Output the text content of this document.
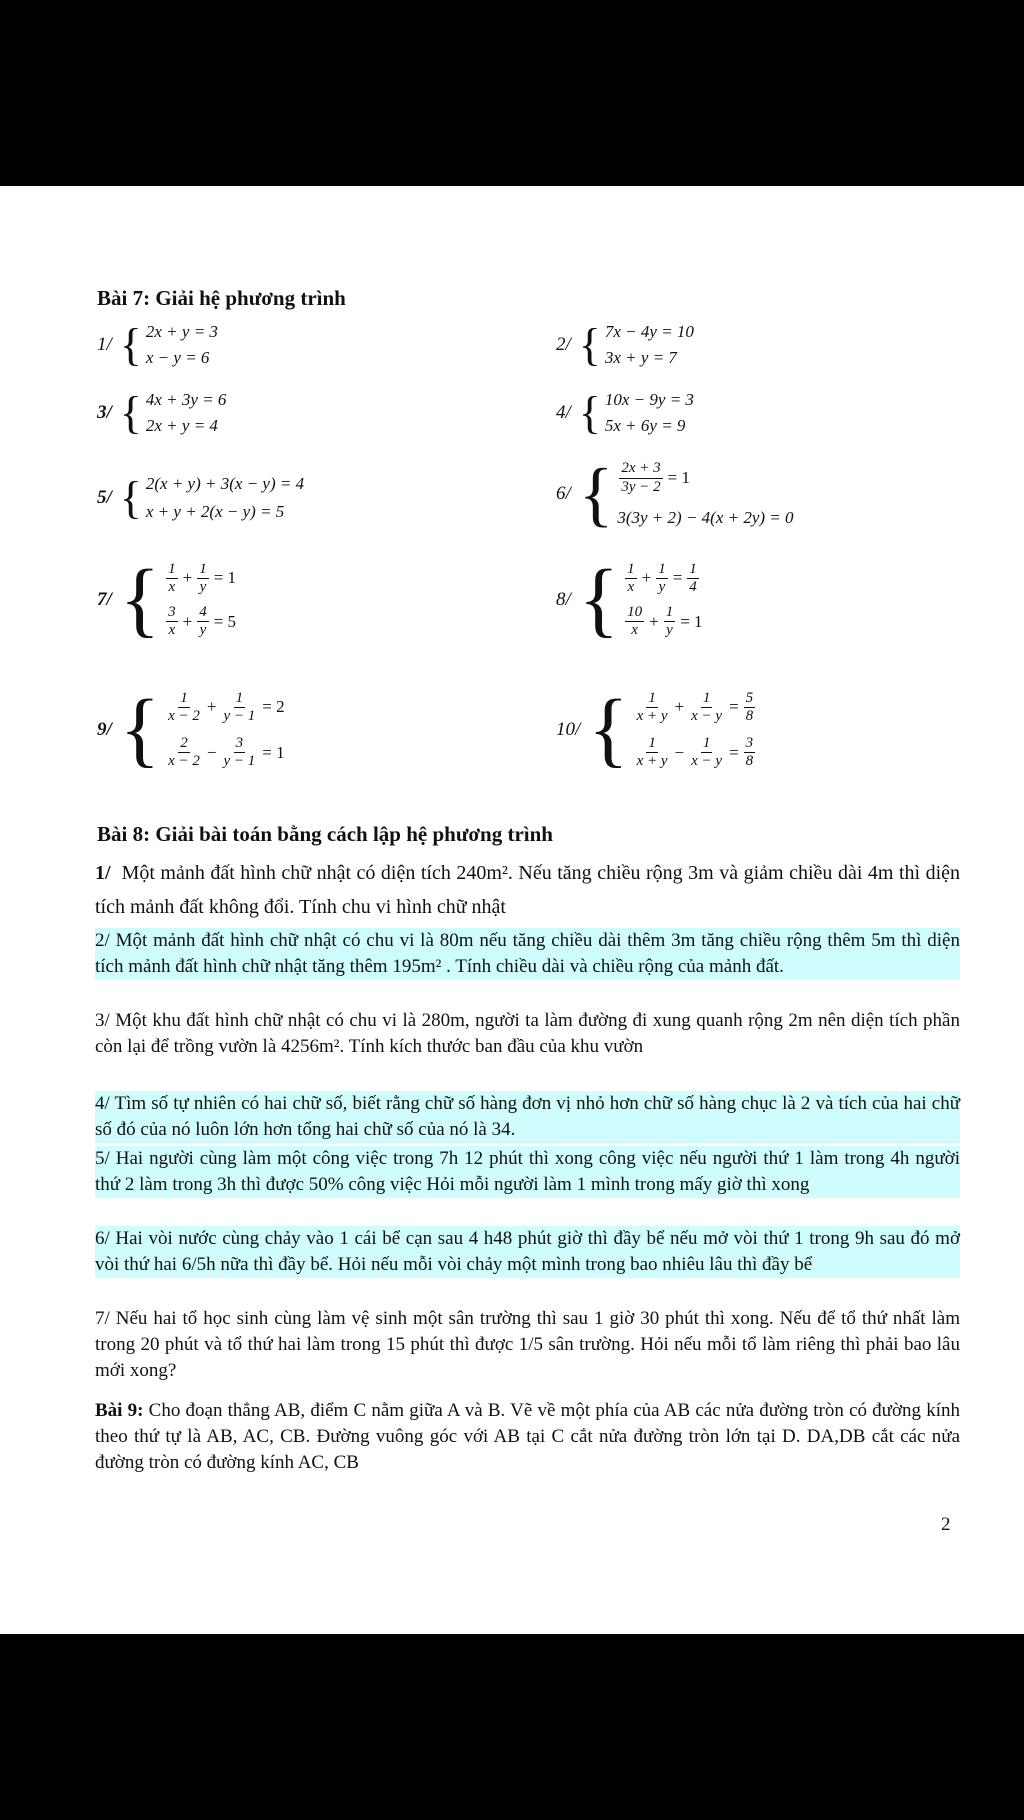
Bài 7: Giải hệ phương trình
1/ { 2x + y = 3
x − y = 6
2/ { 7x − 4y = 10
3x + y = 7
3/ { 4x + 3y = 6
2x + y = 4
4/ { 10x − 9y = 3
5x + 6y = 9
5/ { 2(x + y) + 3(x − y) = 4
x + y + 2(x − y) = 5
6/ { $\frac{2x + 3}{3y - 2} = 1$
3(3y + 2) − 4(x + 2y) = 0
7/ { $\frac{1}{x} + \frac{1}{y} = 1$
$\frac{3}{x} + \frac{4}{y} = 5$
8/ { $\frac{1}{x} + \frac{1}{y} = \frac{1}{4}$
$\frac{10}{x} + \frac{1}{y} = 1$
9/ { $\frac{1}{x - 2} + \frac{1}{y - 1} = 2$
$\frac{2}{x - 2} - \frac{3}{y - 1} = 1$
10/ { $\frac{1}{x + y} + \frac{1}{x - y} = \frac{5}{8}$
$\frac{1}{x + y} - \frac{1}{x - y} = \frac{3}{8}$
Bài 8: Giải bài toán bằng cách lập hệ phương trình
1/ Một mảnh đất hình chữ nhật có diện tích 240m². Nếu tăng chiều rộng 3m và giảm chiều dài 4m thì diện tích mảnh đất không đổi. Tính chu vi hình chữ nhật
2/ Một mảnh đất hình chữ nhật có chu vi là 80m nếu tăng chiều dài thêm 3m tăng chiều rộng thêm 5m thì diện tích mảnh đất hình chữ nhật tăng thêm 195m² . Tính chiều dài và chiều rộng của mảnh đất.
3/ Một khu đất hình chữ nhật có chu vi là 280m, người ta làm đường đi xung quanh rộng 2m nên diện tích phần còn lại để trồng vườn là 4256m². Tính kích thước ban đầu của khu vườn
4/ Tìm số tự nhiên có hai chữ số, biết rằng chữ số hàng đơn vị nhỏ hơn chữ số hàng chục là 2 và tích của hai chữ số đó của nó luôn lớn hơn tổng hai chữ số của nó là 34.
5/ Hai người cùng làm một công việc trong 7h 12 phút thì xong công việc nếu người thứ 1 làm trong 4h người thứ 2 làm trong 3h thì được 50% công việc Hỏi mỗi người làm 1 mình trong mấy giờ thì xong
6/ Hai vòi nước cùng chảy vào 1 cái bể cạn sau 4 h48 phút giờ thì đầy bể nếu mở vòi thứ 1 trong 9h sau đó mở vòi thứ hai 6/5h nữa thì đầy bể. Hỏi nếu mỗi vòi chảy một mình trong bao nhiêu lâu thì đầy bể
7/ Nếu hai tổ học sinh cùng làm vệ sinh một sân trường thì sau 1 giờ 30 phút thì xong. Nếu để tổ thứ nhất làm trong 20 phút và tổ thứ hai làm trong 15 phút thì được 1/5 sân trường. Hỏi nếu mỗi tổ làm riêng thì phải bao lâu mới xong?
Bài 9: Cho đoạn thẳng AB, điểm C nằm giữa A và B. Vẽ về một phía của AB các nửa đường tròn có đường kính theo thứ tự là AB, AC, CB. Đường vuông góc với AB tại C cắt nửa đường tròn lớn tại D. DA,DB cắt các nửa đường tròn có đường kính AC, CB
2
